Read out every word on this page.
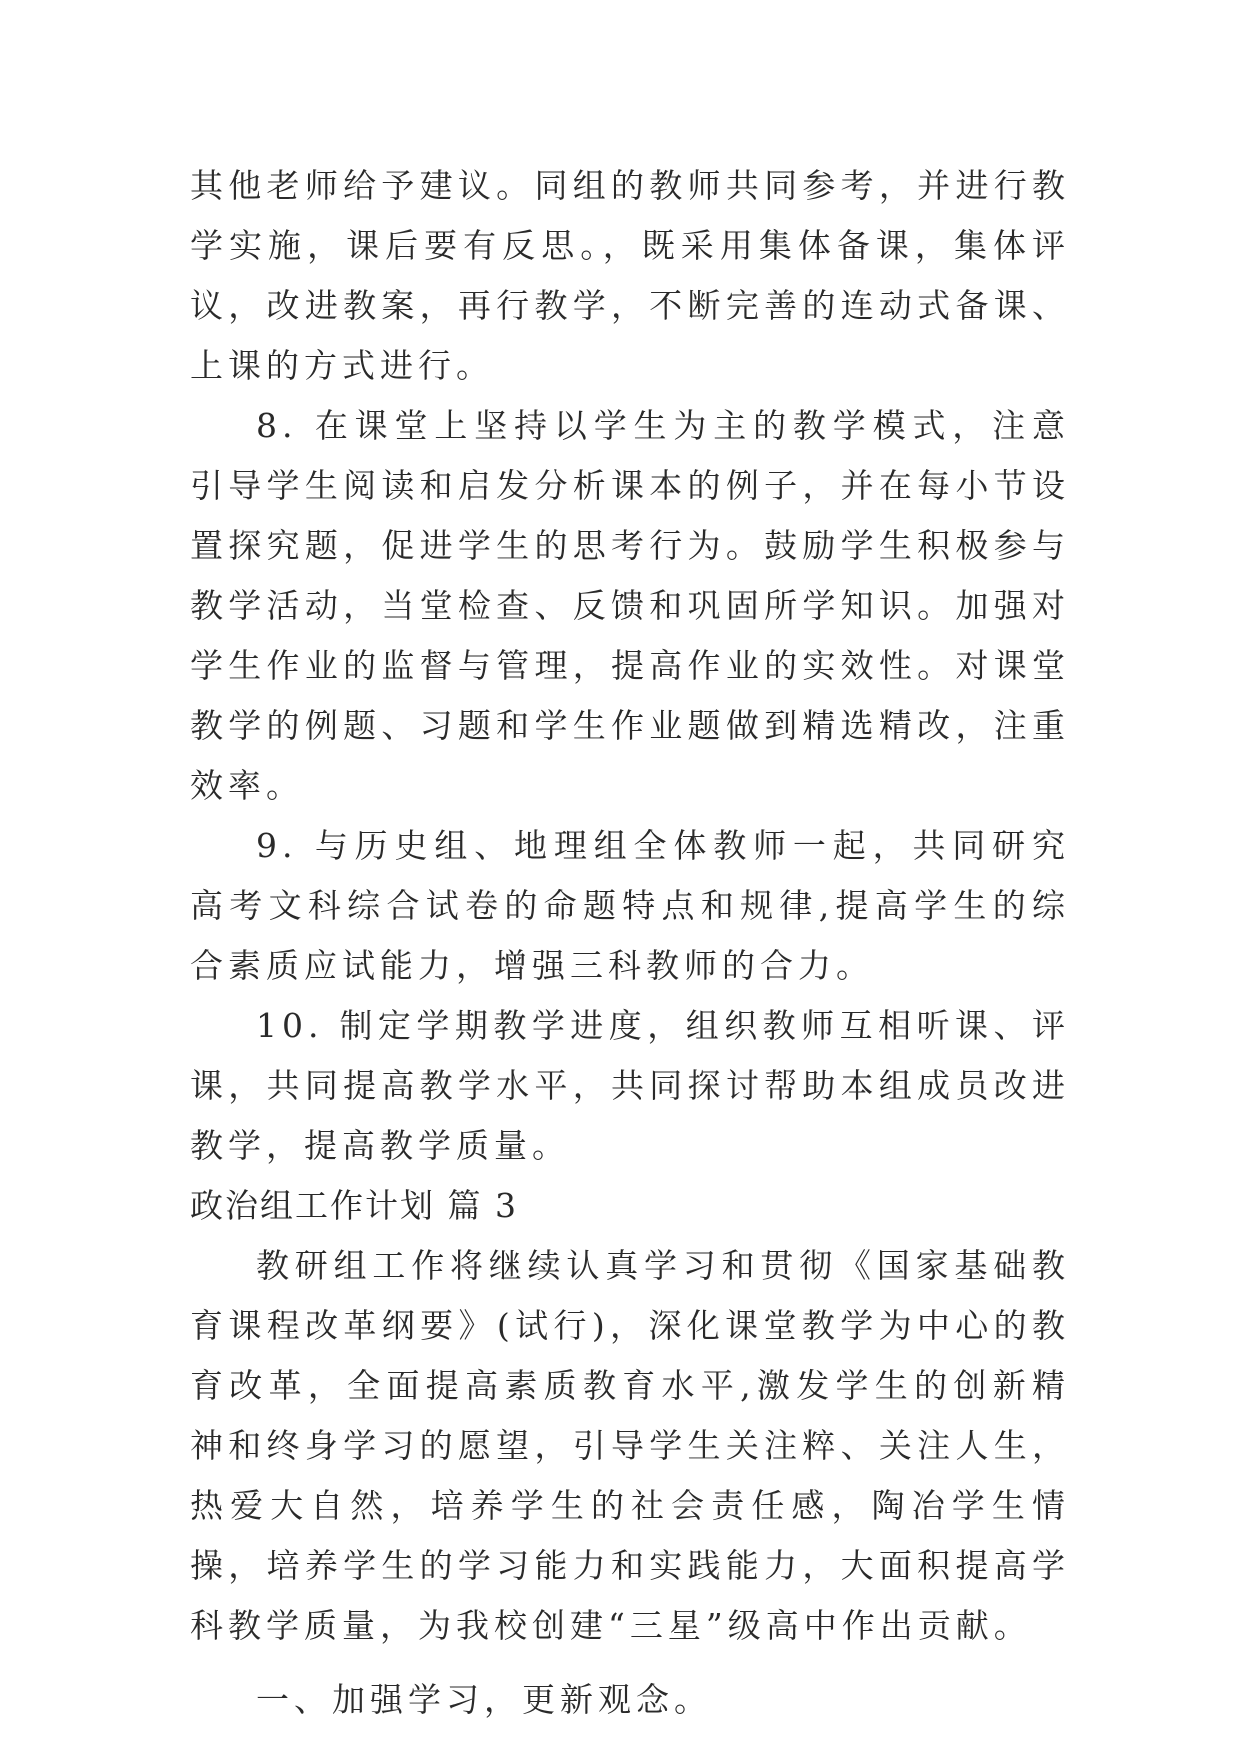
其他老师给予建议。同组的教师共同参考，并进行教学实施，课后要有反思。，既采用集体备课，集体评议，改进教案，再行教学，不断完善的连动式备课、上课的方式进行。

8. 在课堂上坚持以学生为主的教学模式，注意引导学生阅读和启发分析课本的例子，并在每小节设置探究题，促进学生的思考行为。鼓励学生积极参与教学活动，当堂检查、反馈和巩固所学知识。加强对学生作业的监督与管理，提高作业的实效性。对课堂教学的例题、习题和学生作业题做到精选精改，注重效率。

9. 与历史组、地理组全体教师一起，共同研究高考文科综合试卷的命题特点和规律,提高学生的综合素质应试能力，增强三科教师的合力。

10. 制定学期教学进度，组织教师互相听课、评课，共同提高教学水平，共同探讨帮助本组成员改进教学，提高教学质量。

政治组工作计划 篇 3

教研组工作将继续认真学习和贯彻《国家基础教育课程改革纲要》(试行)，深化课堂教学为中心的教育改革，全面提高素质教育水平,激发学生的创新精神和终身学习的愿望，引导学生关注粹、关注人生，热爱大自然，培养学生的社会责任感，陶冶学生情操，培养学生的学习能力和实践能力，大面积提高学科教学质量，为我校创建“三星”级高中作出贡献。

一、加强学习，更新观念。
